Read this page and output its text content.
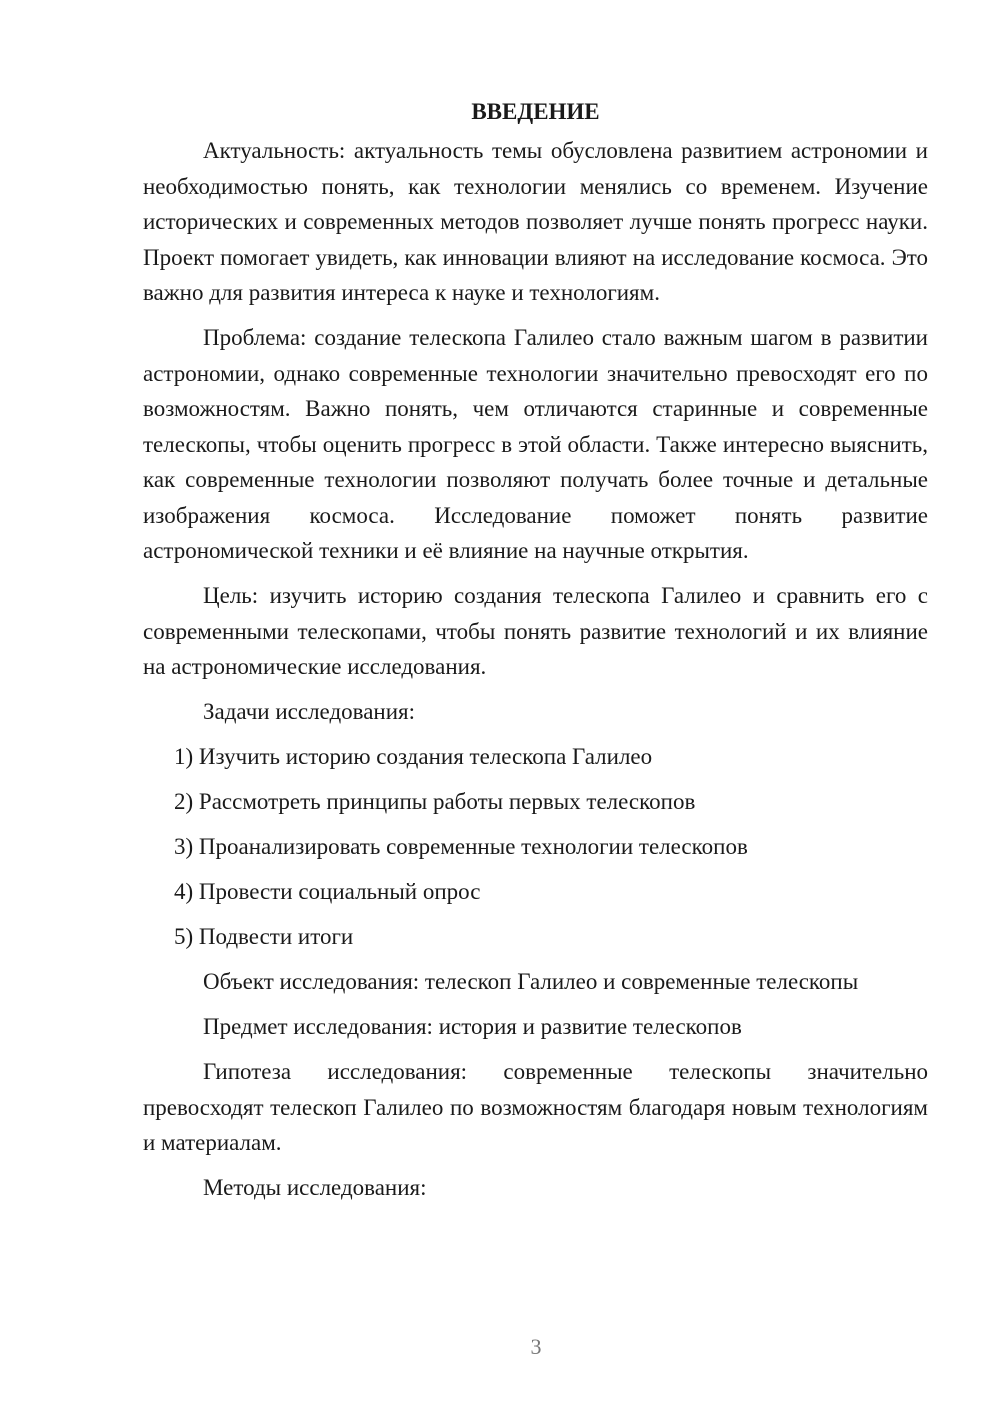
ВВЕДЕНИЕ

Актуальность: актуальность темы обусловлена развитием астрономии и необходимостью понять, как технологии менялись со временем. Изучение исторических и современных методов позволяет лучше понять прогресс науки. Проект помогает увидеть, как инновации влияют на исследование космоса. Это важно для развития интереса к науке и технологиям.

Проблема: создание телескопа Галилео стало важным шагом в развитии астрономии, однако современные технологии значительно превосходят его по возможностям. Важно понять, чем отличаются старинные и современные телескопы, чтобы оценить прогресс в этой области. Также интересно выяснить, как современные технологии позволяют получать более точные и детальные изображения космоса. Исследование поможет понять развитие астрономической техники и её влияние на научные открытия.

Цель: изучить историю создания телескопа Галилео и сравнить его с современными телескопами, чтобы понять развитие технологий и их влияние на астрономические исследования.

Задачи исследования:

1) Изучить историю создания телескопа Галилео
2) Рассмотреть принципы работы первых телескопов
3) Проанализировать современные технологии телескопов
4) Провести социальный опрос
5) Подвести итоги

Объект исследования: телескоп Галилео и современные телескопы

Предмет исследования: история и развитие телескопов

Гипотеза исследования: современные телескопы значительно превосходят телескоп Галилео по возможностям благодаря новым технологиям и материалам.

Методы исследования:

3
